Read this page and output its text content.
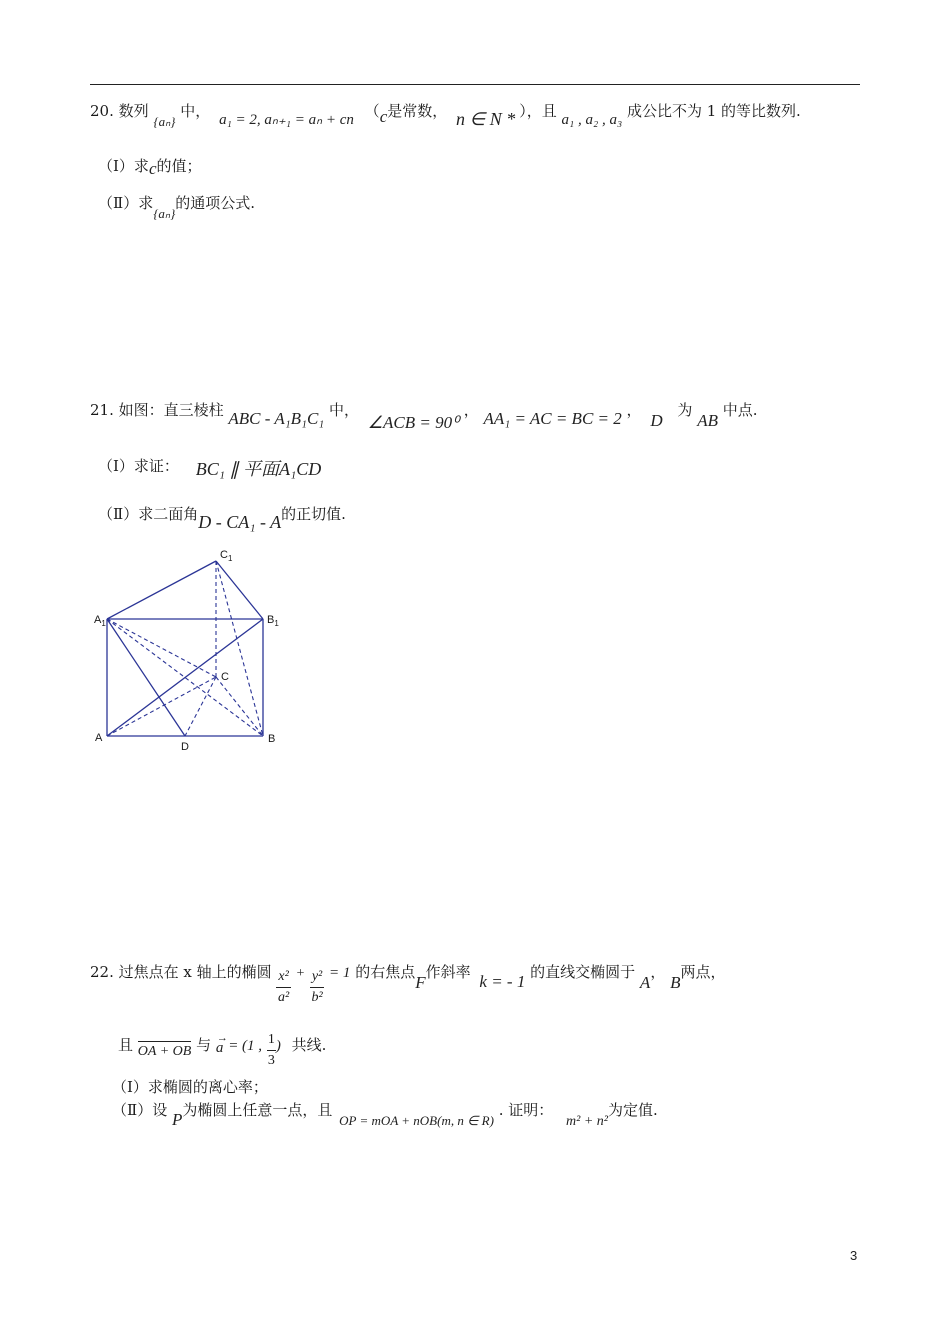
20. 数列 {aₙ} 中， a₁ = 2, aₙ₊₁ = aₙ + cn （c是常数， n ∈ N * ），且 a₁ , a₂ , a₃ 成公比不为 1 的等比数列.
（Ⅰ）求c的值；
（Ⅱ）求{aₙ}的通项公式.
21. 如图：直三棱柱 ABC - A₁B₁C₁ 中， ∠ACB = 90⁰ ， AA₁ = AC = BC = 2 ， D 为 AB 中点.
（Ⅰ）求证： BC₁ ∥ 平面A₁CD
（Ⅱ）求二面角D - CA₁ - A的正切值.
$C_1$
$A_1$	$B_1$
C
A
D
B
22. 过焦点在 x 轴上的椭圆 $\frac{\text{x²}}{\text{a²}} + \frac{\text{y²}}{\text{b²}} = 1$ 的右焦点F作斜率 k = - 1 的直线交椭圆于 A， B两点，
且 OA + OB 与 →
a = (1 , $\frac{1}{3}$ ) 共线.
（Ⅰ）求椭圆的离心率；
（Ⅱ）设 P为椭圆上任意一点，且 OP = mOA + nOB(m, n ∈ R) . 证明： m² + n²为定值.
3
